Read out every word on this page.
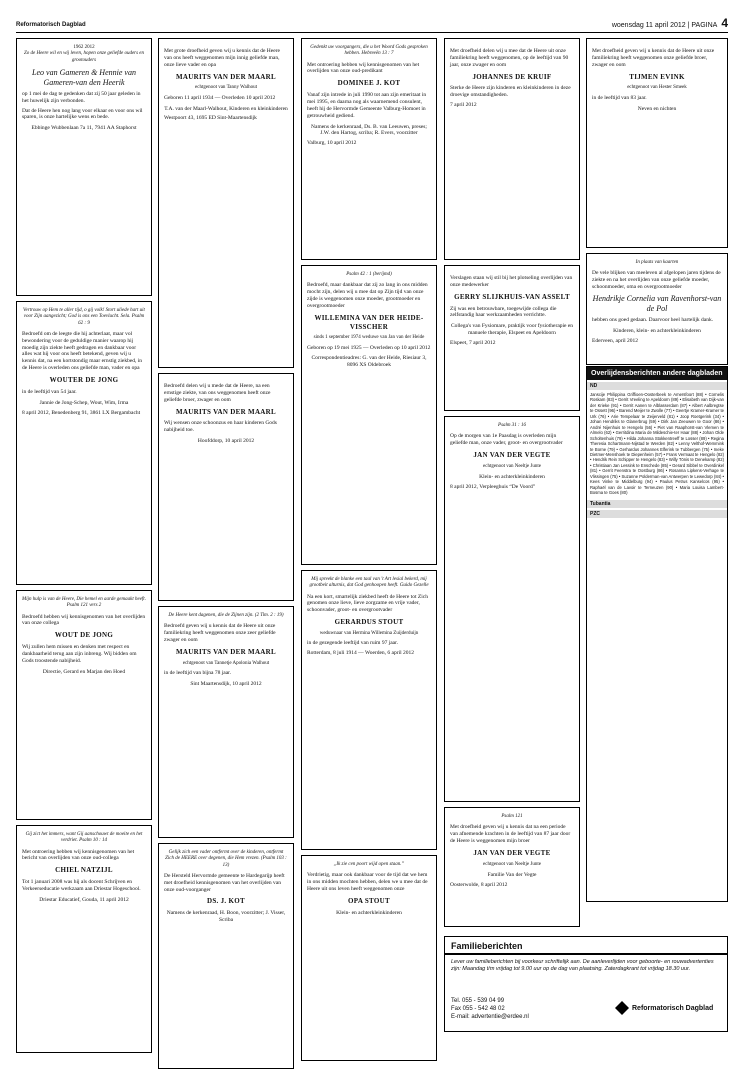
Reformatorisch Dagblad	woensdag 11 april 2012 | PAGINA 4
1962 2012
Zo de Heere wil en wij leven, hopen onze geliefde ouders en grootouders
Leo van Gameren & Hennie van Gameren-van den Heerik
op 1 mei de dag te gedenken dat zij 50 jaar geleden in het huwelijk zijn verbonden.
Dat de Heere hen nog lang voor elkaar en voor ons wil sparen, is onze hartelijke wens en bede.
Ebbinge Wubbenlaan 7a 11, 7941 AA Staphorst
Vertrouw op Hem te aller tijd, o gij volk! Stort uliede hart uit voor Zijn aangezicht; God is ons een Toevlucht. Sela. Psalm 62 : 9
Bedroefd om de leegte die hij achterlaat, maar vol bewondering voor de geduldige manier waarop hij moedig zijn ziekte heeft gedragen en dankbaar voor alles wat hij voor ons heeft betekend, geven wij u kennis dat, na een kortstondig maar ernstig ziekbed, in de Heere is overleden ons geliefde man, vader en opa
WOUTER DE JONG
in de leeftijd van 54 jaar.
Jannie de Jong-Schep, Wout, Wim, Irma
8 april 2012, Benedenberg 91, 3861 LX Bergambacht
Mijn hulp is van de Heere, Die hemel en aarde gemaakt heeft. Psalm 121 vers 2
Bedroefd hebben wij kennisgenomen van het overlijden van onze collega
WOUT DE JONG
Wij zullen hem missen en denken met respect en dankbaarheid terug aan zijn inbreng. Wij bidden om Gods troostende nabijheid.
Directie, Gerard en Marjan den Hoed
Gij zict het immers, want Gij aanschouwt de moeite en het verdriet. Psalm 10 : 14
Met ontroering hebben wij kennisgenomen van het bericht van overlijden van onze oud-collega
CHIEL NATZIJL
Tot 1 januari 2008 was hij als docent Schrijven en Verkeerseducatie werkzaam aan Driestar Hogeschool.
Driestar Educatief, Gouda, 11 april 2012
Met grote droefheid geven wij u kennis dat de Heere van ons heeft weggenomen mijn innig geliefde man, onze lieve vader en opa
MAURITS VAN DER MAARL
echtgenoot van Tanny Walhout
Geboren 11 april 1934 — Overleden 10 april 2012
T.A. van der Maarl-Walhout, Kinderen en kleinkinderen
Westpoort 43, 1695 ED Sint-Maartensdijk
Bedroefd delen wij u mede dat de Heere, na een ernstige ziekte, van ons weggenomen heeft onze geliefde broer, zwager en oom
MAURITS VAN DER MAARL
Wij wensen onze schoonzus en haar kinderen Gods nabijheid toe.
Hoofddorp, 10 april 2012
De Heere kent dagenen, die de Zijnen zijn. (2 Tim. 2 : 19)
Bedroefd geven wij u kennis dat de Heere uit onze familiekring heeft weggenomen onze zeer geliefde zwager en oom
MAURITS VAN DER MAARL
echtgenoot van Tannetje Apolonia Walhout
in de leeftijd van bijna 78 jaar.
Sint Maartensdijk, 10 april 2012
Gelijk zich een vader ontfermt over de kinderen, ontfermt Zich de HEERE over degenen, die Hem vrezen. (Psalm 103 : 13)
De Hersteld Hervormde gemeente te Hardegarijp heeft met droefheid kennisgenomen van het overlijden van onze oud-voorganger
DS. J. KOT
Namens de kerkenraad, H. Boon, voorzitter; J. Visser, Scriba
Gedenkt uw voorgangers, die u het Woord Gods gesproken hebben. Hebreeën 13 : 7
Met ontroering hebben wij kennisgenomen van het overlijden van onze oud-predikant
DOMINEE J. KOT
Vanaf zijn intrede in juli 1990 tot aan zijn emeritaat in mei 1995, en daarna nog als waarnemend consulent, heeft hij de Hervormde Gemeente Valburg-Homoet in getrouwheid gediend.
Namens de kerkenraad, Ds. B. van Leeuwen, preses; J.W. den Hartog, scriba; R. Evers, voorzitter
Valburg, 10 april 2012
Psalm 42 : 1 (berijmd)
Bedroefd, maar dankbaar dat zij zo lang in ons midden mocht zijn, delen wij u mee dat op Zijn tijd van onze zijde is weggenomen onze moeder, grootmoeder en overgrootmoeder
WILLEMINA VAN DER HEIDE-VISSCHER
sinds 1 september 1974 weduwe van Jan van der Heide
Geboren op 19 mei 1925 — Overleden op 10 april 2012
Correspondentieadres: G. van der Heide, Riesiaur 3, 8096 XS Oldebroek
Mij spreekt de blanke een taal van 't Art lesial bekerd, mij grootbeit alturnis, dat God genhoopen heeft. Guido Gezelle
Na een kort, smartelijk ziekbed heeft de Heere tot Zich genomen onze lieve, lieve zorgzame en vrije vader, schoonvader, groot- en overgrootvader
GERARDUS STOUT
weduwnaar van Hermina Willemina Zuijderduijn
in de gezegende leeftijd van ruim 97 jaar.
Rotterdam, 8 juli 1914 — Woerden, 6 april 2012
„Ik zie cen poort wijd open staan.”
Verdrietig, maar ook dankbaar voor de tijd dat we hem in ons midden mochten hebben, delen we u mee dat de Heere uit ons leven heeft weggenomen onze
OPA STOUT
Klein- en achterkleinkinderen
Met droefheid delen wij u mee dat de Heere uit onze familiekring heeft weggenomen, op de leeftijd van 90 jaar, onze zwager en oom
JOHANNES DE KRUIF
Sterke de Heere zijn kinderen en kleinkinderen in deze droevige omstandigheden.
7 april 2012
Verslagen staan wij stil bij het plotseling overlijden van onze medewerker
GERRY SLIJKHUIS-VAN ASSELT
Zij was een betrouwbare, toegewijde collega die zelfstandig haar werkzaamheden verrichtte.
Collega's van Fysiomare, praktijk voor fysiotherapie en manuele therapie, Elspeet en Apeldoorn
Elspeet, 7 april 2012
Psalm 31 : 16
Op de morgen van 1e Paasdag is overleden mijn geliefde man, onze vader, groot- en overgrootvader
JAN VAN DER VEGTE
echtgenoot van Neeltje Junte
Klein- en achterkleinkinderen
8 april 2012, Verpleeghuis “De Voord”
Psalm 121
Met droefheid geven wij u kennis dat na een periode van afnemende krachten in de leeftijd van 87 jaar door de Heere is weggenomen mijn broer
JAN VAN DER VEGTE
echtgenoot van Neeltje Junte
Familie Van der Vegte
Oosterwolde, 8 april 2012
Met droefheid geven wij u kennis dat de Heere uit onze familiekring heeft weggenomen onze geliefde broer, zwager en oom
TIJMEN EVINK
echtgenoot van Hester Smeek
in de leeftijd van 83 jaar.
Neven en nichten
In plaats van kaarten
De vele blijken van meeleven al afgelopen jaren tijdens de ziekte en na het overlijden van onze geliefde moeder, schoonmoeder, oma en overgrootmoeder
Hendrikje Cornelia van Ravenhorst-van de Pol
hebben ons goed gedaan. Daarvoor heel hartelijk dank.
Kinderen, klein- en achterkleinkinderen
Ederveen, april 2012
Overlijdensberichten andere dagbladen
ND
Janscije Philippina Griffioen-Oosterbeek te Amersfoort (88) • Cornelis Roskam (83) • Gerrit Vreeling te Apeldoorn (89) • Elisabeth van Dijk-van der Krieke (91) • Gerrit Aanen te Alblasserdam (87) • Albert Aalbregtse te Ossett (96) • Barend Meijer te Zwolle (77) • Geertje Kramer-Kramer te Urk (76) • Arie Tempelaar te Zeijerveld (81) • Joop Roetgerink (34) • Johan Hendriks te Glanerbrug (59) • Dirk Jan Zeeuwen te Goor (86) • André Nijenhuis te Hengelo (56) • Piet van Raaphorst-van Vlemen te Almelo (62) • Gerritdina Maria de Mildeschie-ter Haar (88) • Johan Olde Scholtenhuis (79) • Hilda Johanna Stokkentreeff te Losser (89) • Regina Theresia Schartmann-Nijstad te Werden (82) • Lenny Velthof-Wemmink te Borne (79) • Gerhardus Johannes Elferink te Tubbergen (75) • Ineke Dietmer-Menshoek te Diepenheim (57) • Frans Vermaat te Hengelo (82) • Hendrik Rein Schipper te Hengelo (83) • Willy Tönis te Denekamp (82) • Christiaan Jan Lessink te Enschede (85) • Gerard Sibbel te Overdinkel (81) • Gerrit Feenstra te Oostburg (86) • Rosanna Lipkens-Verhage te Vlissingen (75) • Suzanne Polderman-van Antwerpen te Lewedorp (84) • Kees Vinke te Middelburg (94) • Paulus Petrus Kanselcos (95) • Raphaël van de Lavoir te Terneuzen (90) • Maria Louisa Lambert-Bosma te Goes (80)
Tubantia
PZC
Familieberichten
Lever uw familieberichten bij voorkeur schriftelijk aan. De aanleverlijden voor geboorte- en rouwadvertenties zijn: Maandag t/m vrijdag tot 9.00 uur op de dag van plaatsing. Zaterdagkrant tot vrijdag 18.30 uur.
Tel. 055 - 539 04 99
Fax 055 - 542 48 02
E-mail: advertentie@erdee.nl
Reformatorisch Dagblad
